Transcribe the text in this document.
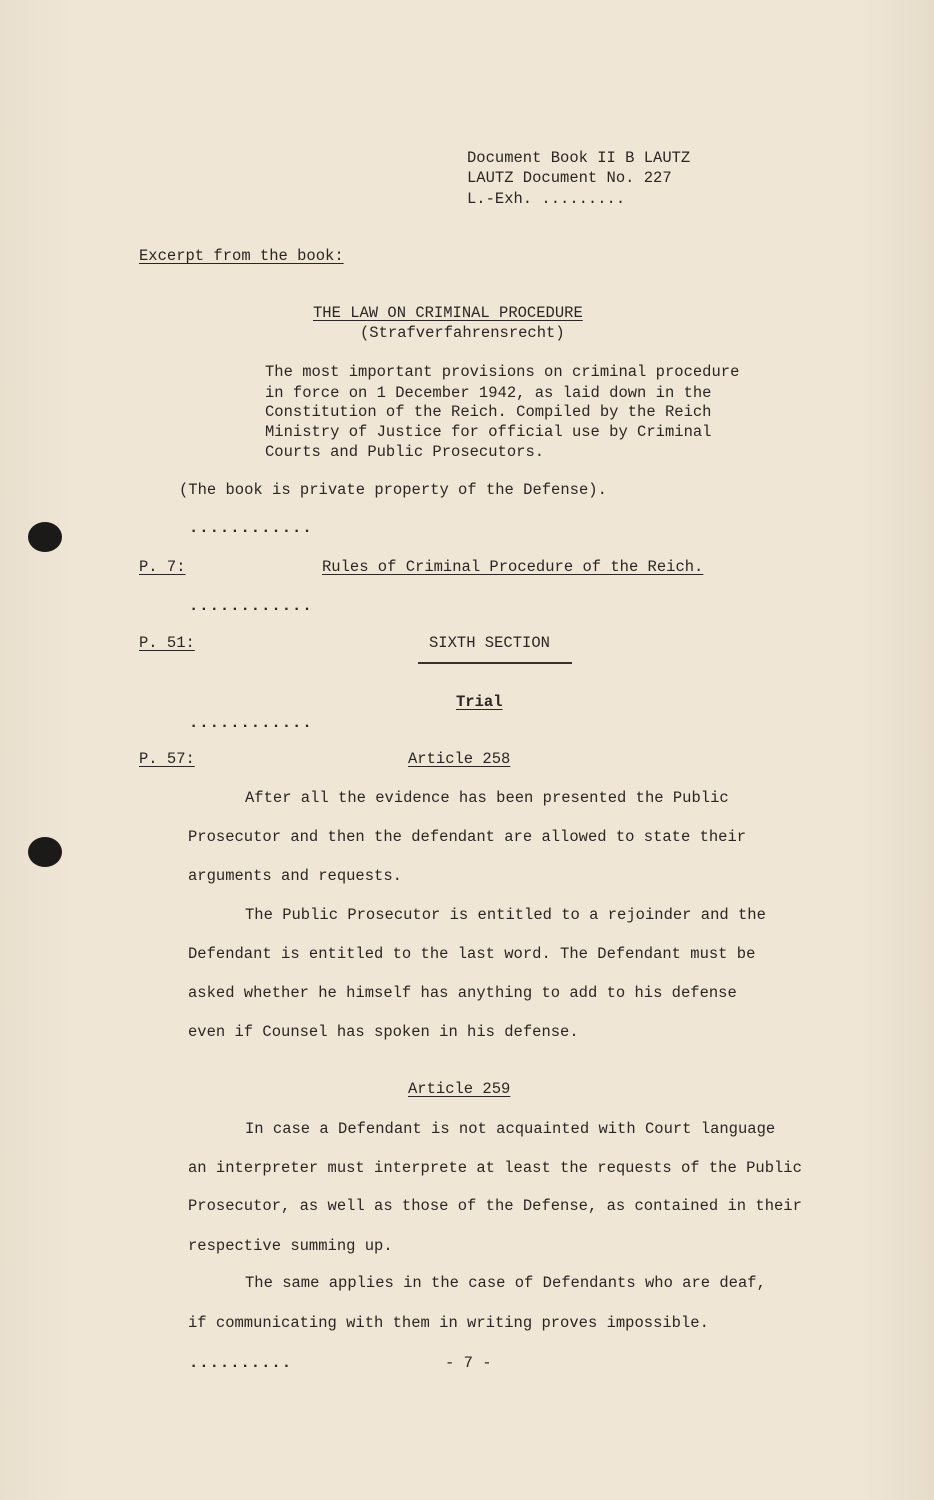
Document Book II B LAUTZ
LAUTZ Document No. 227
L.-Exh. .........
Excerpt from the book:
THE LAW ON CRIMINAL PROCEDURE
(Strafverfahrensrecht)
The most important provisions on criminal procedure
in force on 1 December 1942, as laid down in the
Constitution of the Reich. Compiled by the Reich
Ministry of Justice for official use by Criminal
Courts and Public Prosecutors.
(The book is private property of the Defense).
............
P. 7:	Rules of Criminal Procedure of the Reich.
............
P. 51:	SIXTH SECTION
Trial
............
P. 57:	Article 258
After all the evidence has been presented the Public
Prosecutor and then the defendant are allowed to state their
arguments and requests.
The Public Prosecutor is entitled to a rejoinder and the
Defendant is entitled to the last word. The Defendant must be
asked whether he himself has anything to add to his defense
even if Counsel has spoken in his defense.
Article 259
In case a Defendant is not acquainted with Court language
an interpreter must interprete at least the requests of the Public
Prosecutor, as well as those of the Defense, as contained in their
respective summing up.
The same applies in the case of Defendants who are deaf,
if communicating with them in writing proves impossible.
..........	- 7 -
